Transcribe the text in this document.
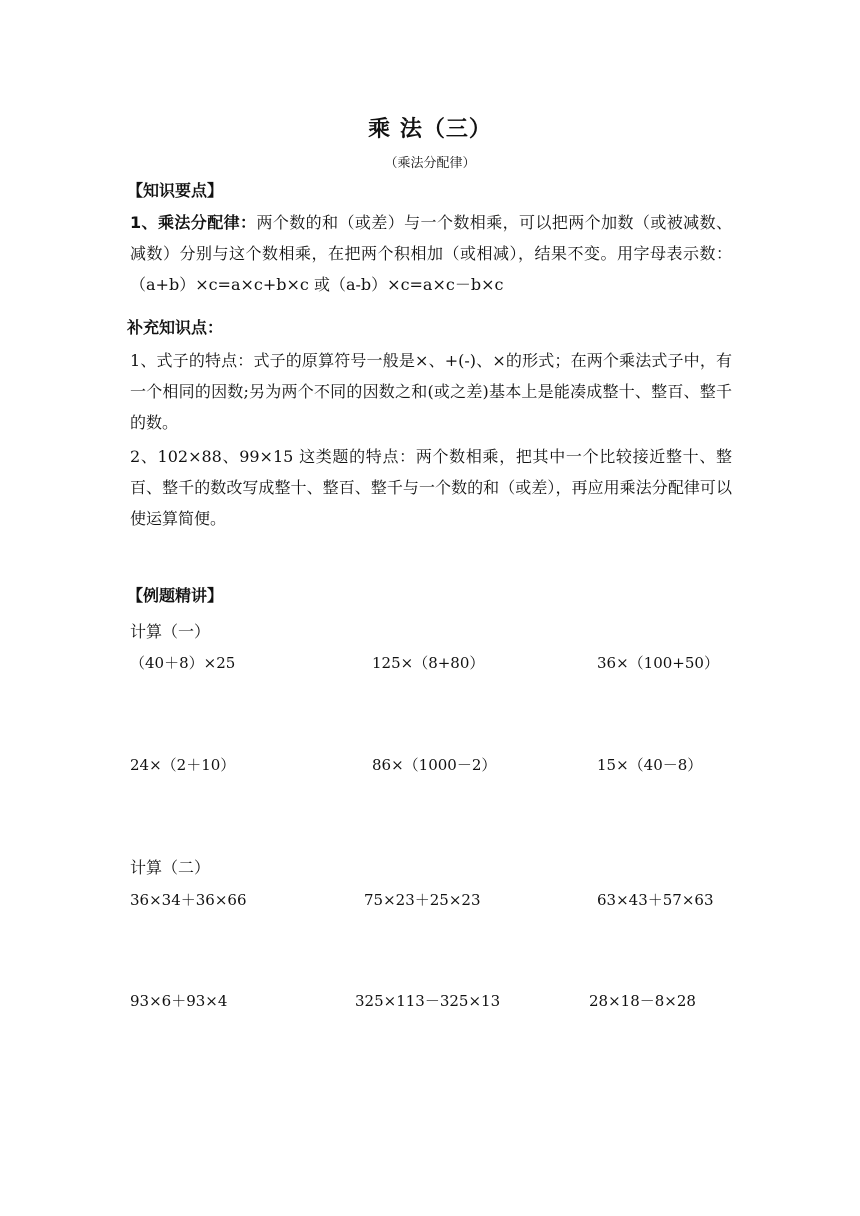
乘 法（三）
（乘法分配律）
【知识要点】
1、乘法分配律：两个数的和（或差）与一个数相乘，可以把两个加数（或被减数、减数）分别与这个数相乘，在把两个积相加（或相减），结果不变。用字母表示数：（a+b）×c=a×c+b×c 或（a-b）×c=a×c－b×c
补充知识点：
1、式子的特点：式子的原算符号一般是×、+(-)、×的形式；在两个乘法式子中，有一个相同的因数;另为两个不同的因数之和(或之差)基本上是能凑成整十、整百、整千的数。
2、102×88、99×15 这类题的特点：两个数相乘，把其中一个比较接近整十、整百、整千的数改写成整十、整百、整千与一个数的和（或差），再应用乘法分配律可以使运算简便。
【例题精讲】
计算（一）
（40＋8）×25	125×（8+80）	36×（100+50）
24×（2＋10）	86×（1000－2）	15×（40－8）
计算（二）
36×34＋36×66	75×23＋25×23	63×43＋57×63
93×6＋93×4	325×113－325×13	28×18－8×28
